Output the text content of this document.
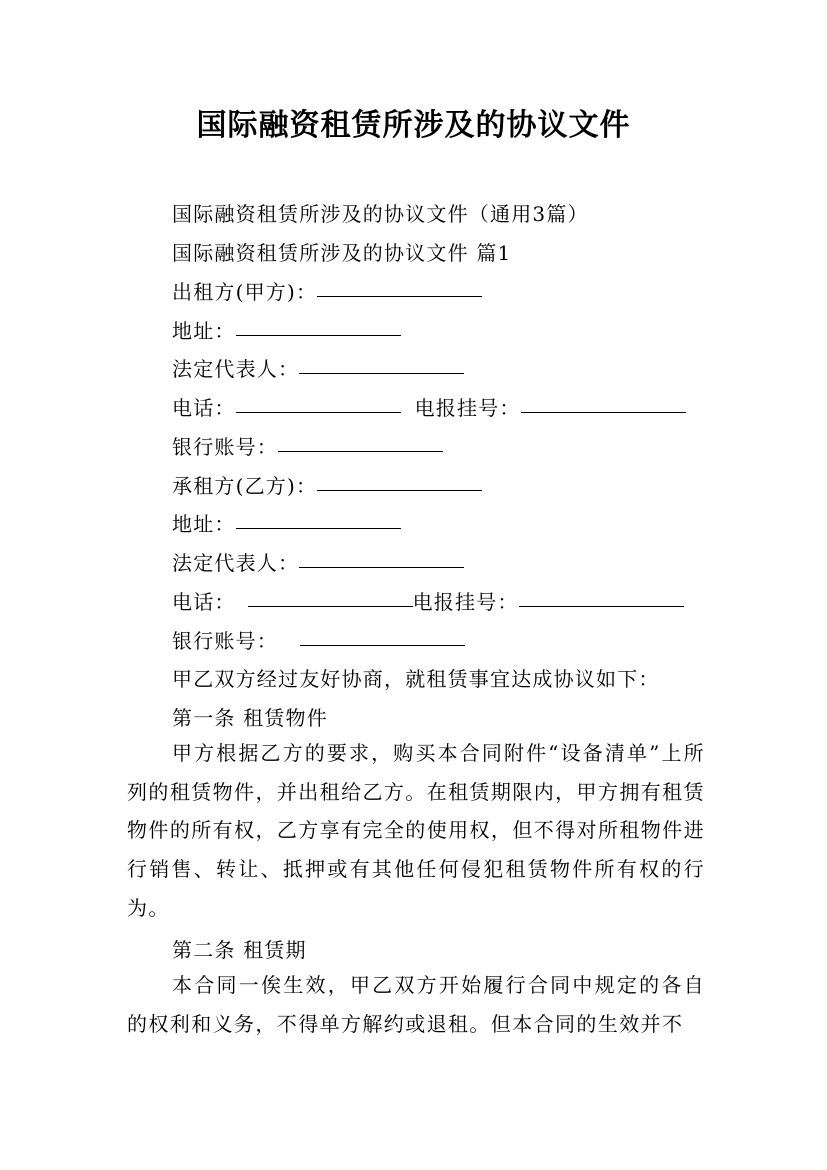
国际融资租赁所涉及的协议文件
国际融资租赁所涉及的协议文件（通用3篇）
国际融资租赁所涉及的协议文件 篇1
出租方(甲方)：
地址：
法定代表人：
电话：	电报挂号：
银行账号：
承租方(乙方)：
地址：
法定代表人：
电话：	电报挂号：
银行账号：
甲乙双方经过友好协商，就租赁事宜达成协议如下：
第一条 租赁物件
甲方根据乙方的要求，购买本合同附件“设备清单”上所列的租赁物件，并出租给乙方。在租赁期限内，甲方拥有租赁物件的所有权，乙方享有完全的使用权，但不得对所租物件进行销售、转让、抵押或有其他任何侵犯租赁物件所有权的行为。
第二条 租赁期
本合同一俟生效，甲乙双方开始履行合同中规定的各自的权利和义务，不得单方解约或退租。但本合同的生效并不
